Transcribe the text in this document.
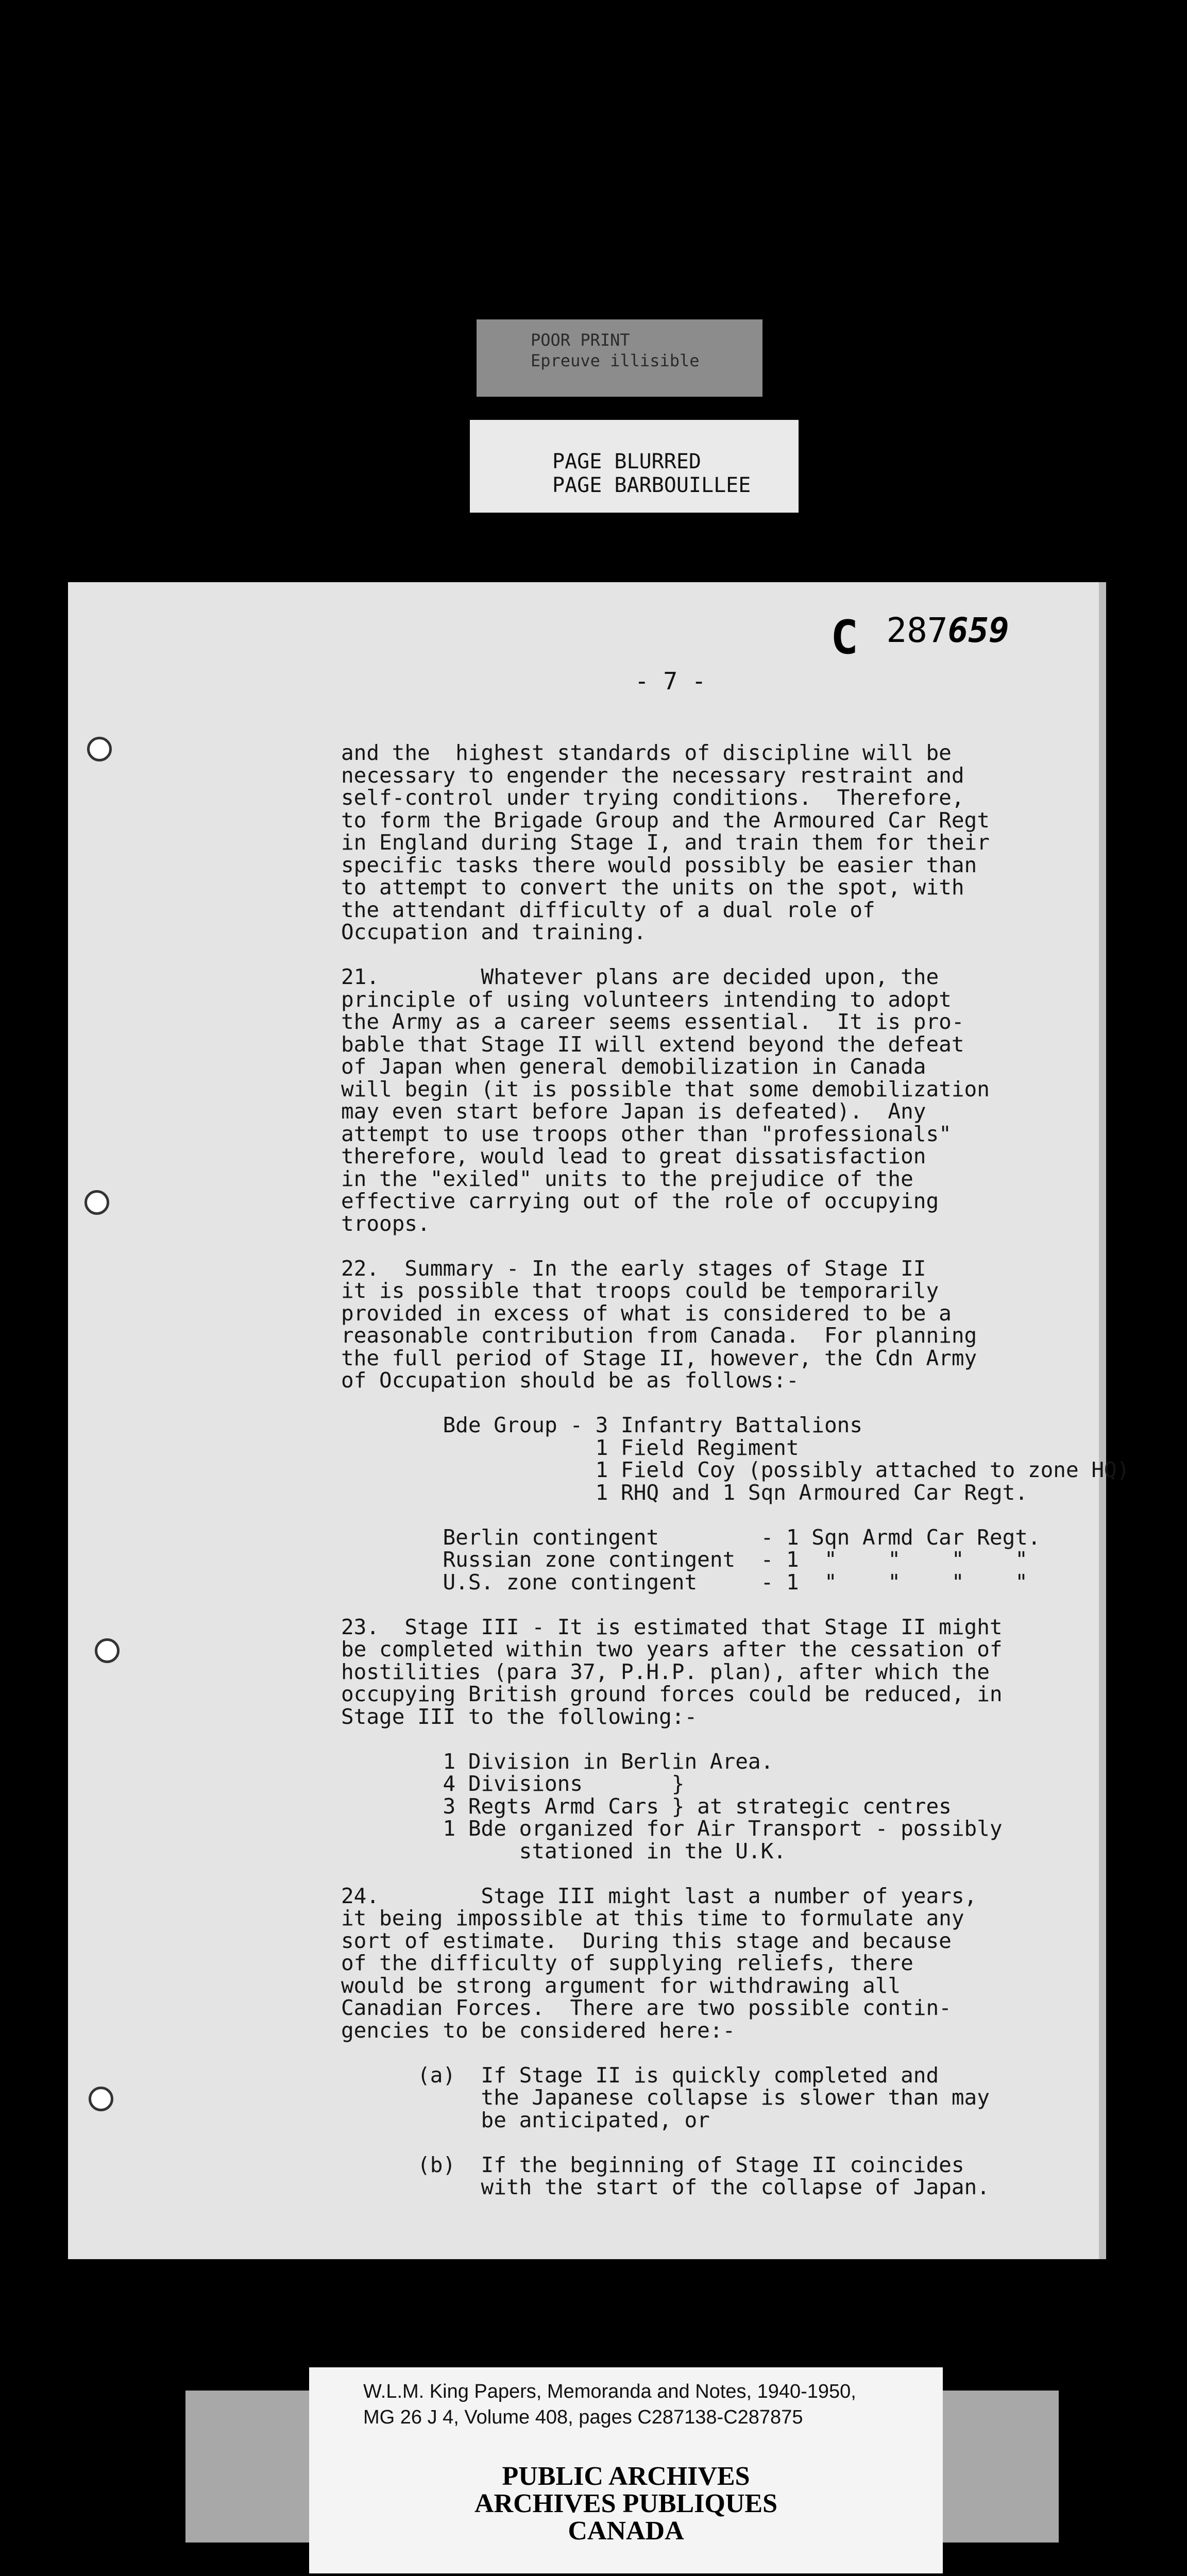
POOR PRINT
Epreuve illisible
PAGE BLURRED
PAGE BARBOUILLEE
C $^{287659}$
- 7 -
and the  highest standards of discipline will be
necessary to engender the necessary restraint and
self-control under trying conditions.  Therefore,
to form the Brigade Group and the Armoured Car Regt
in England during Stage I, and train them for their
specific tasks there would possibly be easier than
to attempt to convert the units on the spot, with
the attendant difficulty of a dual role of
Occupation and training.
21.        Whatever plans are decided upon, the
principle of using volunteers intending to adopt
the Army as a career seems essential.  It is pro-
bable that Stage II will extend beyond the defeat
of Japan when general demobilization in Canada
will begin (it is possible that some demobilization
may even start before Japan is defeated).  Any
attempt to use troops other than "professionals"
therefore, would lead to great dissatisfaction
in the "exiled" units to the prejudice of the
effective carrying out of the role of occupying
troops.
22.  Summary - In the early stages of Stage II
it is possible that troops could be temporarily
provided in excess of what is considered to be a
reasonable contribution from Canada.  For planning
the full period of Stage II, however, the Cdn Army
of Occupation should be as follows:-
Bde Group - 3 Infantry Battalions
1 Field Regiment
1 Field Coy (possibly attached to zone HQ)
1 RHQ and 1 Sqn Armoured Car Regt.
Berlin contingent        - 1 Sqn Armd Car Regt.
Russian zone contingent  - 1  "    "    "    "
U.S. zone contingent     - 1  "    "    "    "
23.  Stage III - It is estimated that Stage II might
be completed within two years after the cessation of
hostilities (para 37, P.H.P. plan), after which the
occupying British ground forces could be reduced, in
Stage III to the following:-
1 Division in Berlin Area.
4 Divisions       }
3 Regts Armd Cars } at strategic centres
1 Bde organized for Air Transport - possibly
stationed in the U.K.
24.        Stage III might last a number of years,
it being impossible at this time to formulate any
sort of estimate.  During this stage and because
of the difficulty of supplying reliefs, there
would be strong argument for withdrawing all
Canadian Forces.  There are two possible contin-
gencies to be considered here:-
(a)  If Stage II is quickly completed and
the Japanese collapse is slower than may
be anticipated, or
(b)  If the beginning of Stage II coincides
with the start of the collapse of Japan.
W.L.M. King Papers, Memoranda and Notes, 1940-1950,
MG 26 J 4, Volume 408, pages C287138-C287875
PUBLIC ARCHIVES
ARCHIVES PUBLIQUES
CANADA
